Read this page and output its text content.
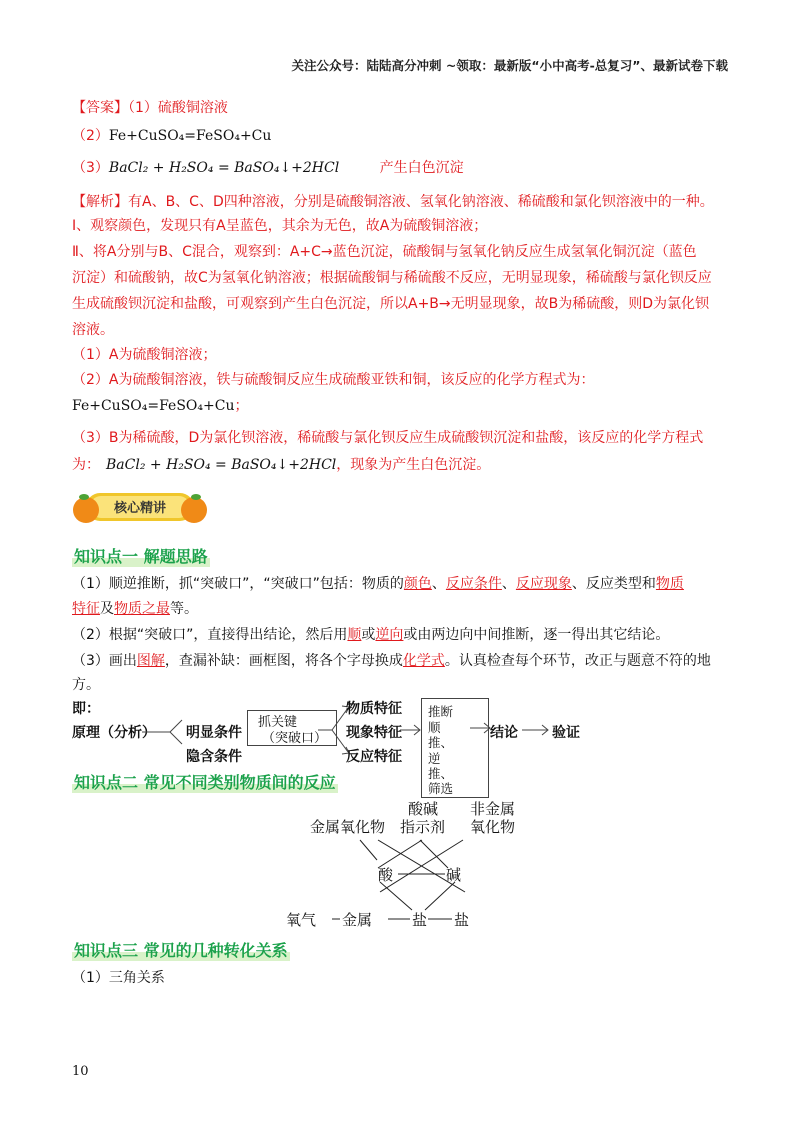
关注公众号：陆陆高分冲刺 ~领取：最新版“小中高考-总复习”、最新试卷下载
【答案】（1）硫酸铜溶液
（2）Fe+CuSO₄=FeSO₄+Cu
（3）BaCl₂ + H₂SO₄ = BaSO₄↓+2HCl	产生白色沉淀
【解析】有A、B、C、D四种溶液，分别是硫酸铜溶液、氢氧化钠溶液、稀硫酸和氯化钡溶液中的一种。
Ⅰ、观察颜色，发现只有A呈蓝色，其余为无色，故A为硫酸铜溶液；
Ⅱ、将A分别与B、C混合，观察到：A+C→蓝色沉淀，硫酸铜与氢氧化钠反应生成氢氧化铜沉淀（蓝色
沉淀）和硫酸钠，故C为氢氧化钠溶液；根据硫酸铜与稀硫酸不反应，无明显现象，稀硫酸与氯化钡反应
生成硫酸钡沉淀和盐酸，可观察到产生白色沉淀，所以A+B→无明显现象，故B为稀硫酸，则D为氯化钡
溶液。
（1）A为硫酸铜溶液；
（2）A为硫酸铜溶液，铁与硫酸铜反应生成硫酸亚铁和铜，该反应的化学方程式为：
Fe+CuSO₄=FeSO₄+Cu；
（3）B为稀硫酸，D为氯化钡溶液，稀硫酸与氯化钡反应生成硫酸钡沉淀和盐酸，该反应的化学方程式
为： BaCl₂ + H₂SO₄ = BaSO₄↓+2HCl，现象为产生白色沉淀。
核心精讲
知识点一 解题思路
（1）顺逆推断，抓“突破口”，“突破口”包括：物质的颜色、反应条件、反应现象、反应类型和物质
特征及物质之最等。
（2）根据“突破口”，直接得出结论，然后用顺或逆向或由两边向中间推断，逐一得出其它结论。
（3）画出图解，查漏补缺：画框图，将各个字母换成化学式。认真检查每个环节，改正与题意不符的地
方。
即：
原理（分析） 明显条件
隐含条件
抓关键
（突破口）
物质特征
现象特征
反应特征
推断
顺
推、
逆
推、
筛选
结论 验证
知识点二 常见不同类别物质间的反应
酸碱
指示剂
金属氧化物
非金属
氧化物
酸	碱
氧气 金属	盐 盐
知识点三 常见的几种转化关系
（1）三角关系
10
